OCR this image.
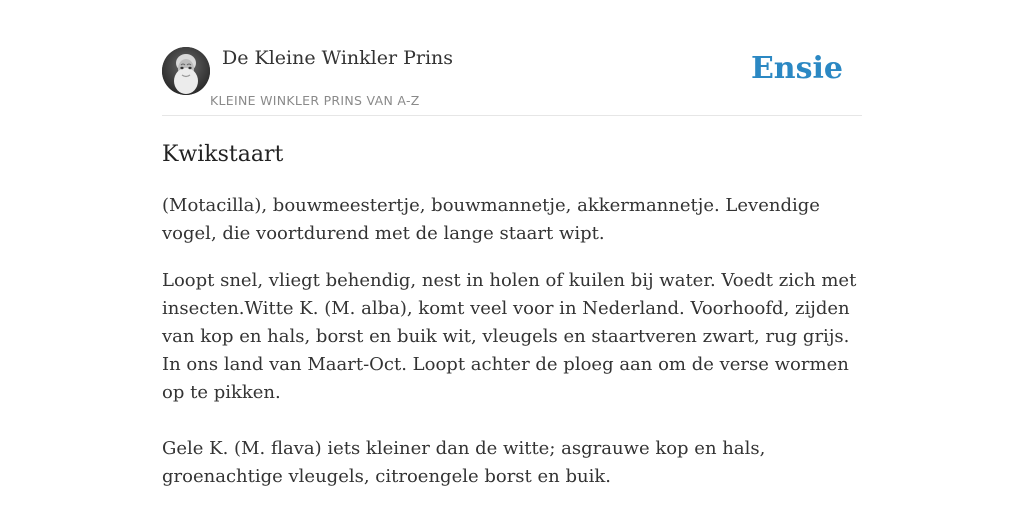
De Kleine Winkler Prins
KLEINE WINKLER PRINS VAN A-Z
Ensie
Kwikstaart

(Motacilla), bouwmeestertje, bouwmannetje, akkermannetje. Levendige vogel, die voortdurend met de lange staart wipt.

Loopt snel, vliegt behendig, nest in holen of kuilen bij water. Voedt zich met insecten.Witte K. (M. alba), komt veel voor in Nederland. Voorhoofd, zijden van kop en hals, borst en buik wit, vleugels en staartveren zwart, rug grijs. In ons land van Maart-Oct. Loopt achter de ploeg aan om de verse wormen op te pikken.

Gele K. (M. flava) iets kleiner dan de witte; asgrauwe kop en hals, groenachtige vleugels, citroengele borst en buik.
